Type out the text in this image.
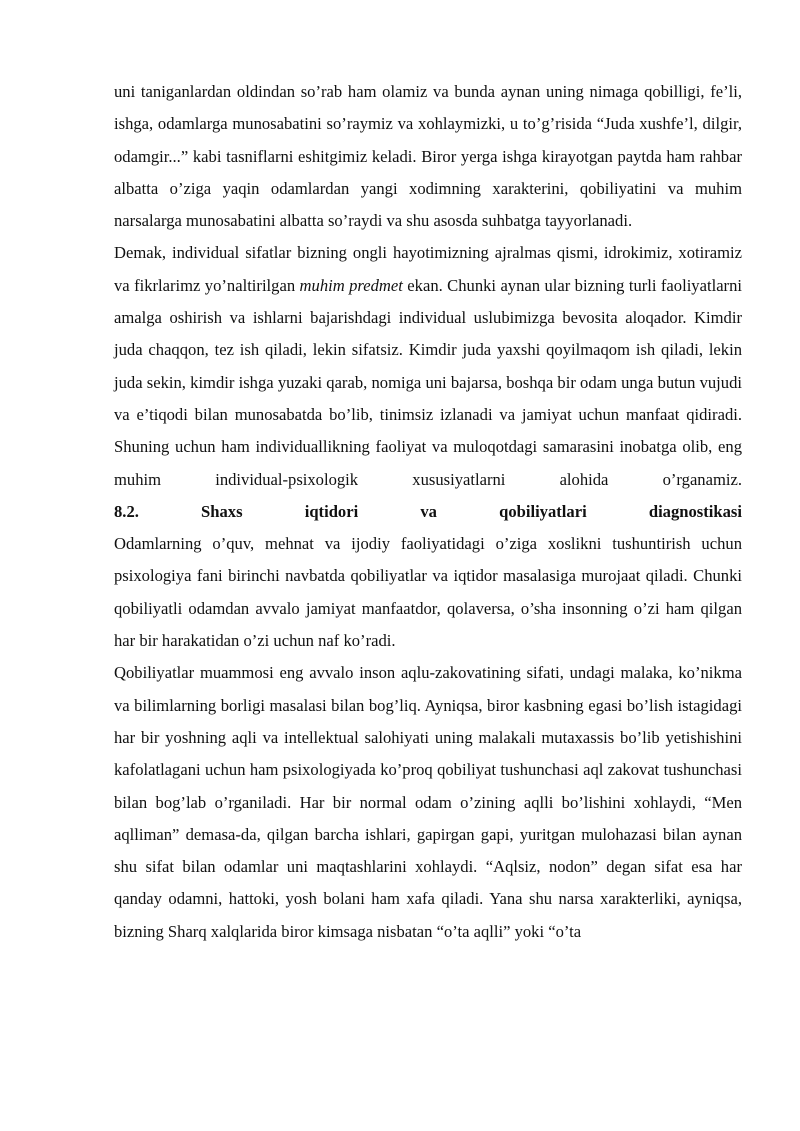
uni taniganlardan oldindan so’rab ham olamiz va bunda aynan uning nimaga qobilligi, fe’li, ishga, odamlarga munosabatini so’raymiz va xohlaymizki, u to’g’risida “Juda xushfe’l, dilgir, odamgir...” kabi tasniflarni eshitgimiz keladi. Biror yerga ishga kirayotgan paytda ham rahbar albatta o’ziga yaqin odamlardan yangi xodimning xarakterini, qobiliyatini va muhim narsalarga munosabatini albatta so’raydi va shu asosda suhbatga tayyorlanadi.

Demak, individual sifatlar bizning ongli hayotimizning ajralmas qismi, idrokimiz, xotiramiz va fikrlarimz yo’naltirilgan muhim predmet ekan. Chunki aynan ular bizning turli faoliyatlarni amalga oshirish va ishlarni bajarishdagi individual uslubimizga bevosita aloqador. Kimdir juda chaqqon, tez ish qiladi, lekin sifatsiz. Kimdir juda yaxshi qoyilmaqom ish qiladi, lekin juda sekin, kimdir ishga yuzaki qarab, nomiga uni bajarsa, boshqa bir odam unga butun vujudi va e’tiqodi bilan munosabatda bo’lib, tinimsiz izlanadi va jamiyat uchun manfaat qidiradi. Shuning uchun ham individuallikning faoliyat va muloqotdagi samarasini inobatga olib, eng muhim individual-psixologik xususiyatlarni alohida o’rganamiz.

8.2. Shaxs iqtidori va qobiliyatlari diagnostikasi

Odamlarning o’quv, mehnat va ijodiy faoliyatidagi o’ziga xoslikni tushuntirish uchun psixologiya fani birinchi navbatda qobiliyatlar va iqtidor masalasiga murojaat qiladi. Chunki qobiliyatli odamdan avvalo jamiyat manfaatdor, qolaversa, o’sha insonning o’zi ham qilgan har bir harakatidan o’zi uchun naf ko’radi.

Qobiliyatlar muammosi eng avvalo inson aqlu-zakovatining sifati, undagi malaka, ko’nikma va bilimlarning borligi masalasi bilan bog’liq. Ayniqsa, biror kasbning egasi bo’lish istagidagi har bir yoshning aqli va intellektual salohiyati uning malakali mutaxassis bo’lib yetishishini kafolatlagani uchun ham psixologiyada ko’proq qobiliyat tushunchasi aql zakovat tushunchasi bilan bog’lab o’rganiladi. Har bir normal odam o’zining aqlli bo’lishini xohlaydi, “Men aqlliman” demasa-da, qilgan barcha ishlari, gapirgan gapi, yuritgan mulohazasi bilan aynan shu sifat bilan odamlar uni maqtashlarini xohlaydi. “Aqlsiz, nodon” degan sifat esa har qanday odamni, hattoki, yosh bolani ham xafa qiladi. Yana shu narsa xarakterliki, ayniqsa, bizning Sharq xalqlarida biror kimsaga nisbatan “o’ta aqlli” yoki “o’ta
